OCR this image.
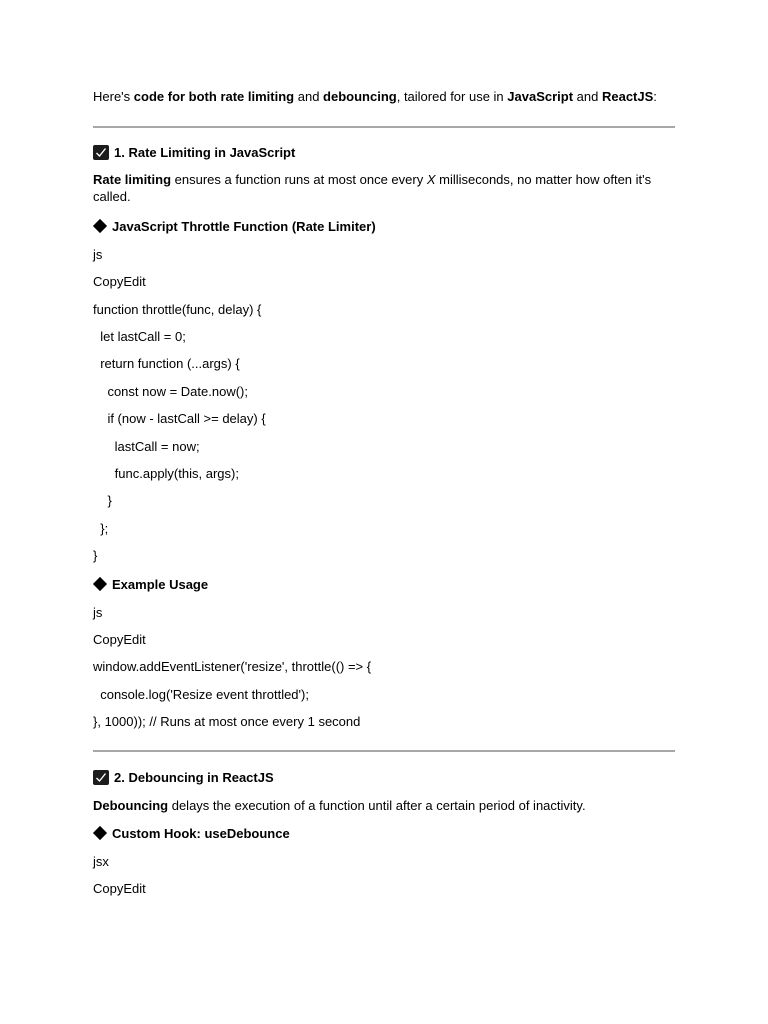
Here's code for both rate limiting and debouncing, tailored for use in JavaScript and ReactJS:
1. Rate Limiting in JavaScript
Rate limiting ensures a function runs at most once every X milliseconds, no matter how often it's called.
JavaScript Throttle Function (Rate Limiter)
js
CopyEdit
function throttle(func, delay) {
let lastCall = 0;
return function (...args) {
const now = Date.now();
if (now - lastCall >= delay) {
lastCall = now;
func.apply(this, args);
}
};
}
Example Usage
js
CopyEdit
window.addEventListener('resize', throttle(() => {
console.log('Resize event throttled');
}, 1000)); // Runs at most once every 1 second
2. Debouncing in ReactJS
Debouncing delays the execution of a function until after a certain period of inactivity.
Custom Hook: useDebounce
jsx
CopyEdit
